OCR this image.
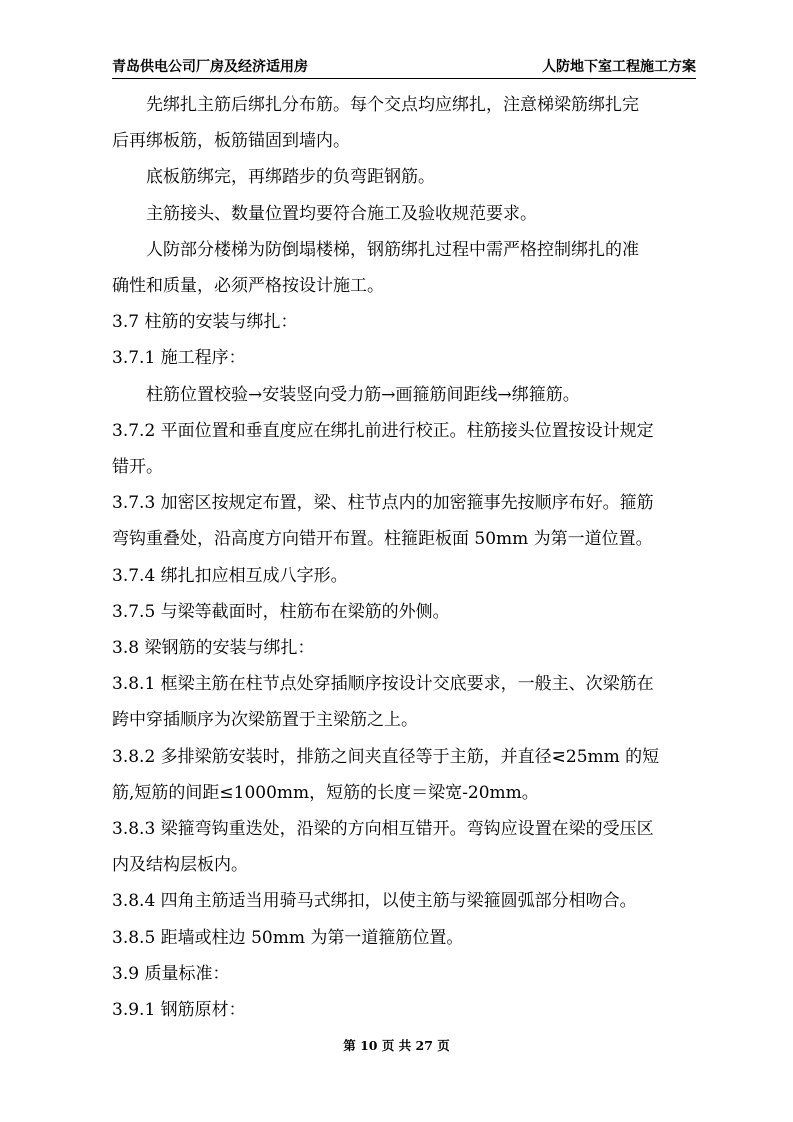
青岛供电公司厂房及经济适用房	人防地下室工程施工方案
先绑扎主筋后绑扎分布筋。每个交点均应绑扎，注意梯梁筋绑扎完
后再绑板筋，板筋锚固到墙内。
底板筋绑完，再绑踏步的负弯距钢筋。
主筋接头、数量位置均要符合施工及验收规范要求。
人防部分楼梯为防倒塌楼梯，钢筋绑扎过程中需严格控制绑扎的准
确性和质量，必须严格按设计施工。
3.7 柱筋的安装与绑扎：
3.7.1 施工程序：
柱筋位置校验→安装竖向受力筋→画箍筋间距线→绑箍筋。
3.7.2 平面位置和垂直度应在绑扎前进行校正。柱筋接头位置按设计规定
错开。
3.7.3 加密区按规定布置，梁、柱节点内的加密箍事先按顺序布好。箍筋
弯钩重叠处，沿高度方向错开布置。柱箍距板面 50mm 为第一道位置。
3.7.4 绑扎扣应相互成八字形。
3.7.5 与梁等截面时，柱筋布在梁筋的外侧。
3.8 梁钢筋的安装与绑扎：
3.8.1 框梁主筋在柱节点处穿插顺序按设计交底要求，一般主、次梁筋在
跨中穿插顺序为次梁筋置于主梁筋之上。
3.8.2 多排梁筋安装时，排筋之间夹直径等于主筋，并直径⋜25mm 的短
筋,短筋的间距≤1000mm，短筋的长度＝梁宽-20mm。
3.8.3 梁箍弯钩重迭处，沿梁的方向相互错开。弯钩应设置在梁的受压区
内及结构层板内。
3.8.4 四角主筋适当用骑马式绑扣，以使主筋与梁箍圆弧部分相吻合。
3.8.5 距墙或柱边 50mm 为第一道箍筋位置。
3.9 质量标准：
3.9.1 钢筋原材：
第 10 页 共 27 页
